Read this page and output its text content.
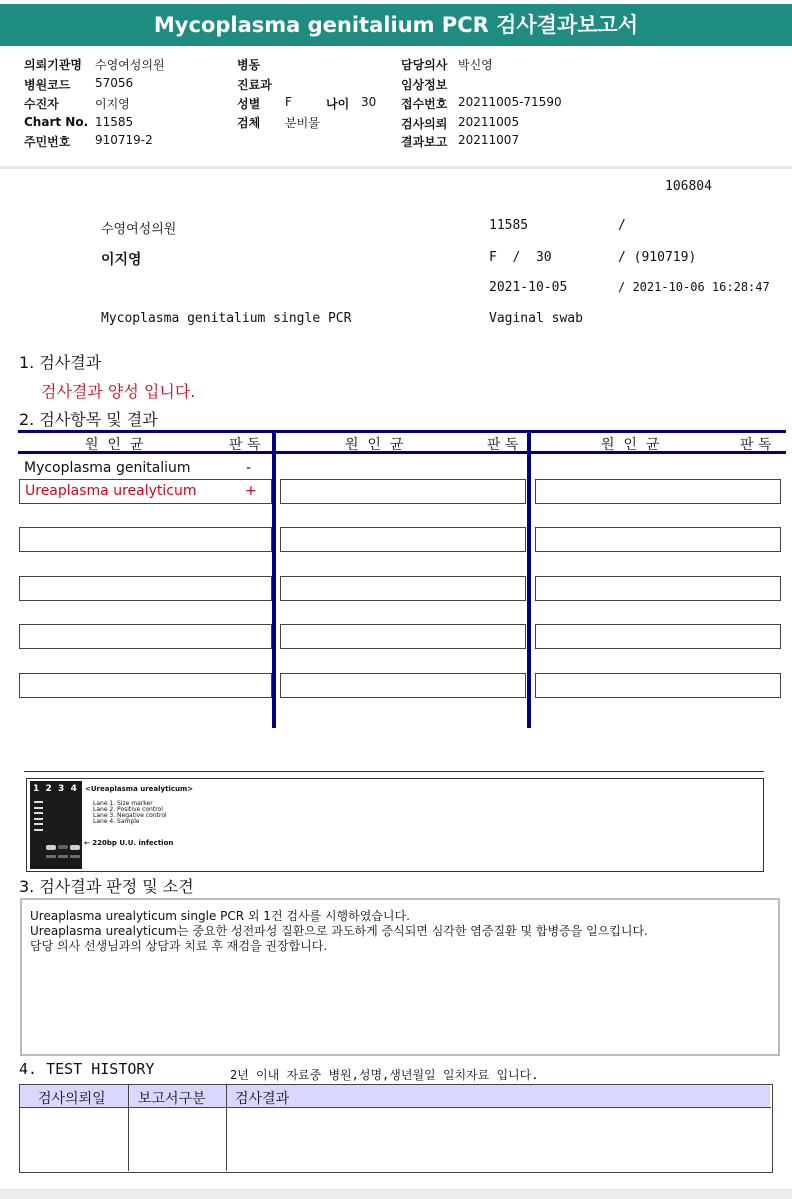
Mycoplasma genitalium PCR 검사결과보고서
의뢰기관명 수영여성의원
병원코드 57056
수진자	이지영
Chart No. 11585
주민번호 910719-2
병동
진료과
성별 F	나이 30
검체 분비물
담당의사 박신영
임상정보
접수번호 20211005-71590
검사의뢰 20211005
결과보고 20211007
106804
수영여성의원	11585	/
이지영	F  /  30	/ (910719)
2021-10-05	/ 2021-10-06 16:28:47
Mycoplasma genitalium single PCR	Vaginal swab
1. 검사결과
검사결과 양성 입니다.
2. 검사항목 및 결과
원  인  균	판 독	원  인  균	판 독	원  인  균	판 독
Mycoplasma genitalium	-
Ureaplasma urealyticum	+
1  2  3  4 <Ureaplasma urealyticum>
Lane 1. Size marker
Lane 2. Positive control
Lane 3. Negative control
Lane 4. Sample
← 220bp U.U. infection
3. 검사결과 판정 및 소견
Ureaplasma urealyticum single PCR 외 1건 검사를 시행하였습니다.
Ureaplasma urealyticum는 중요한 성전파성 질환으로 과도하게 증식되면 심각한 염증질환 및 합병증을 일으킵니다.
담당 의사 선생님과의 상담과 치료 후 재검을 권장합니다.
4. TEST HISTORY	2년 이내 자료중 병원,성명,생년월일 일치자료 입니다.
검사의뢰일 보고서구분 검사결과
